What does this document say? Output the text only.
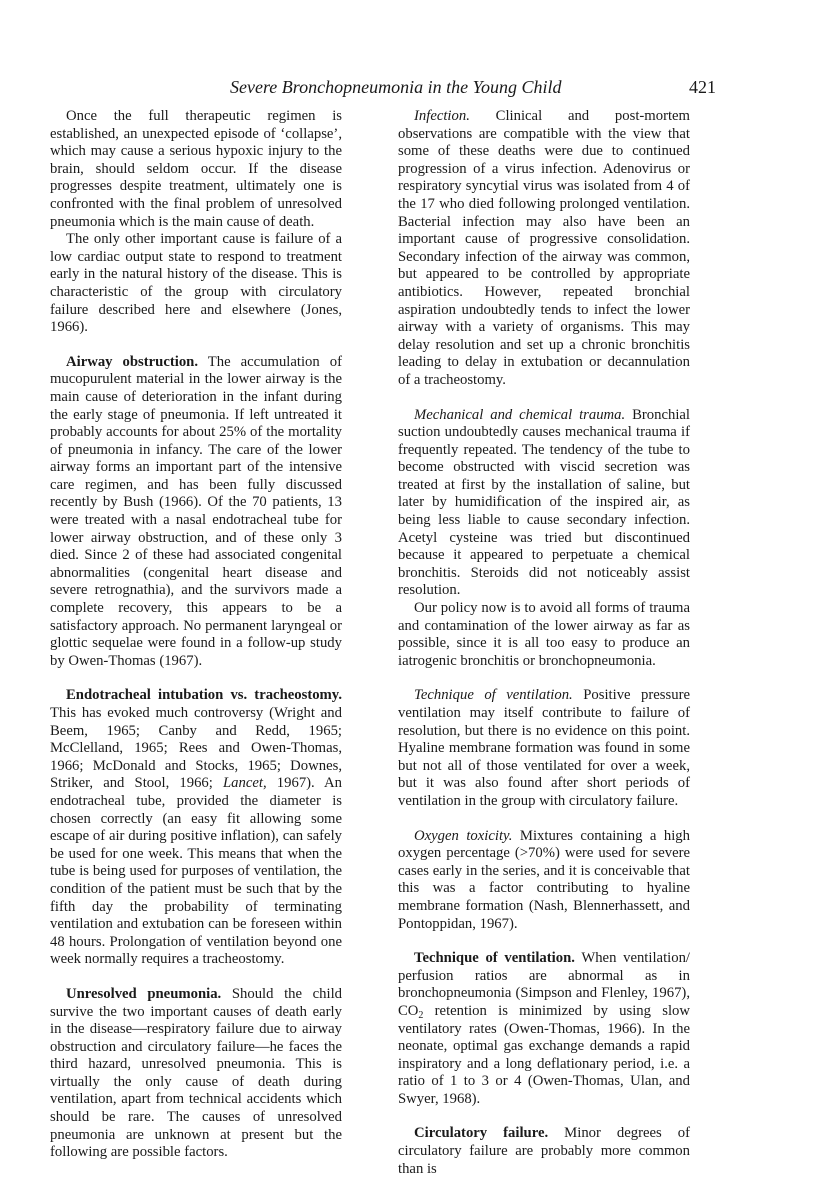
Severe Bronchopneumonia in the Young Child	421

Once the full therapeutic regimen is established, an unexpected episode of ‘collapse’, which may cause a serious hypoxic injury to the brain, should seldom occur. If the disease progresses despite treatment, ultimately one is confronted with the final problem of unresolved pneumonia which is the main cause of death.

The only other important cause is failure of a low cardiac output state to respond to treatment early in the natural history of the disease. This is characteristic of the group with circulatory failure described here and elsewhere (Jones, 1966).

Airway obstruction. The accumulation of mucopurulent material in the lower airway is the main cause of deterioration in the infant during the early stage of pneumonia. If left untreated it probably accounts for about 25% of the mortality of pneumonia in infancy. The care of the lower airway forms an important part of the intensive care regimen, and has been fully discussed recently by Bush (1966). Of the 70 patients, 13 were treated with a nasal endotracheal tube for lower airway obstruction, and of these only 3 died. Since 2 of these had associated congenital abnormalities (congenital heart disease and severe retrognathia), and the survivors made a complete recovery, this appears to be a satisfactory approach. No permanent laryngeal or glottic sequelae were found in a follow-up study by Owen-Thomas (1967).

Endotracheal intubation vs. tracheostomy. This has evoked much controversy (Wright and Beem, 1965; Canby and Redd, 1965; McClelland, 1965; Rees and Owen-Thomas, 1966; McDonald and Stocks, 1965; Downes, Striker, and Stool, 1966; Lancet, 1967). An endotracheal tube, provided the diameter is chosen correctly (an easy fit allowing some escape of air during positive inflation), can safely be used for one week. This means that when the tube is being used for purposes of ventilation, the condition of the patient must be such that by the fifth day the probability of terminating ventilation and extubation can be foreseen within 48 hours. Prolongation of ventilation beyond one week normally requires a tracheostomy.

Unresolved pneumonia. Should the child survive the two important causes of death early in the disease—respiratory failure due to airway obstruction and circulatory failure—he faces the third hazard, unresolved pneumonia. This is virtually the only cause of death during ventilation, apart from technical accidents which should be rare. The causes of unresolved pneumonia are unknown at present but the following are possible factors.

Infection. Clinical and post-mortem observations are compatible with the view that some of these deaths were due to continued progression of a virus infection. Adenovirus or respiratory syncytial virus was isolated from 4 of the 17 who died following prolonged ventilation. Bacterial infection may also have been an important cause of progressive consolidation. Secondary infection of the airway was common, but appeared to be controlled by appropriate antibiotics. However, repeated bronchial aspiration undoubtedly tends to infect the lower airway with a variety of organisms. This may delay resolution and set up a chronic bronchitis leading to delay in extubation or decannulation of a tracheostomy.

Mechanical and chemical trauma. Bronchial suction undoubtedly causes mechanical trauma if frequently repeated. The tendency of the tube to become obstructed with viscid secretion was treated at first by the installation of saline, but later by humidification of the inspired air, as being less liable to cause secondary infection. Acetyl cysteine was tried but discontinued because it appeared to perpetuate a chemical bronchitis. Steroids did not noticeably assist resolution.

Our policy now is to avoid all forms of trauma and contamination of the lower airway as far as possible, since it is all too easy to produce an iatrogenic bronchitis or bronchopneumonia.

Technique of ventilation. Positive pressure ventilation may itself contribute to failure of resolution, but there is no evidence on this point. Hyaline membrane formation was found in some but not all of those ventilated for over a week, but it was also found after short periods of ventilation in the group with circulatory failure.

Oxygen toxicity. Mixtures containing a high oxygen percentage (>70%) were used for severe cases early in the series, and it is conceivable that this was a factor contributing to hyaline membrane formation (Nash, Blennerhassett, and Pontoppidan, 1967).

Technique of ventilation. When ventilation/ perfusion ratios are abnormal as in bronchopneumonia (Simpson and Flenley, 1967), $CO_2$ retention is minimized by using slow ventilatory rates (Owen-Thomas, 1966). In the neonate, optimal gas exchange demands a rapid inspiratory and a long deflationary period, i.e. a ratio of 1 to 3 or 4 (Owen-Thomas, Ulan, and Swyer, 1968).

Circulatory failure. Minor degrees of circulatory failure are probably more common than is
